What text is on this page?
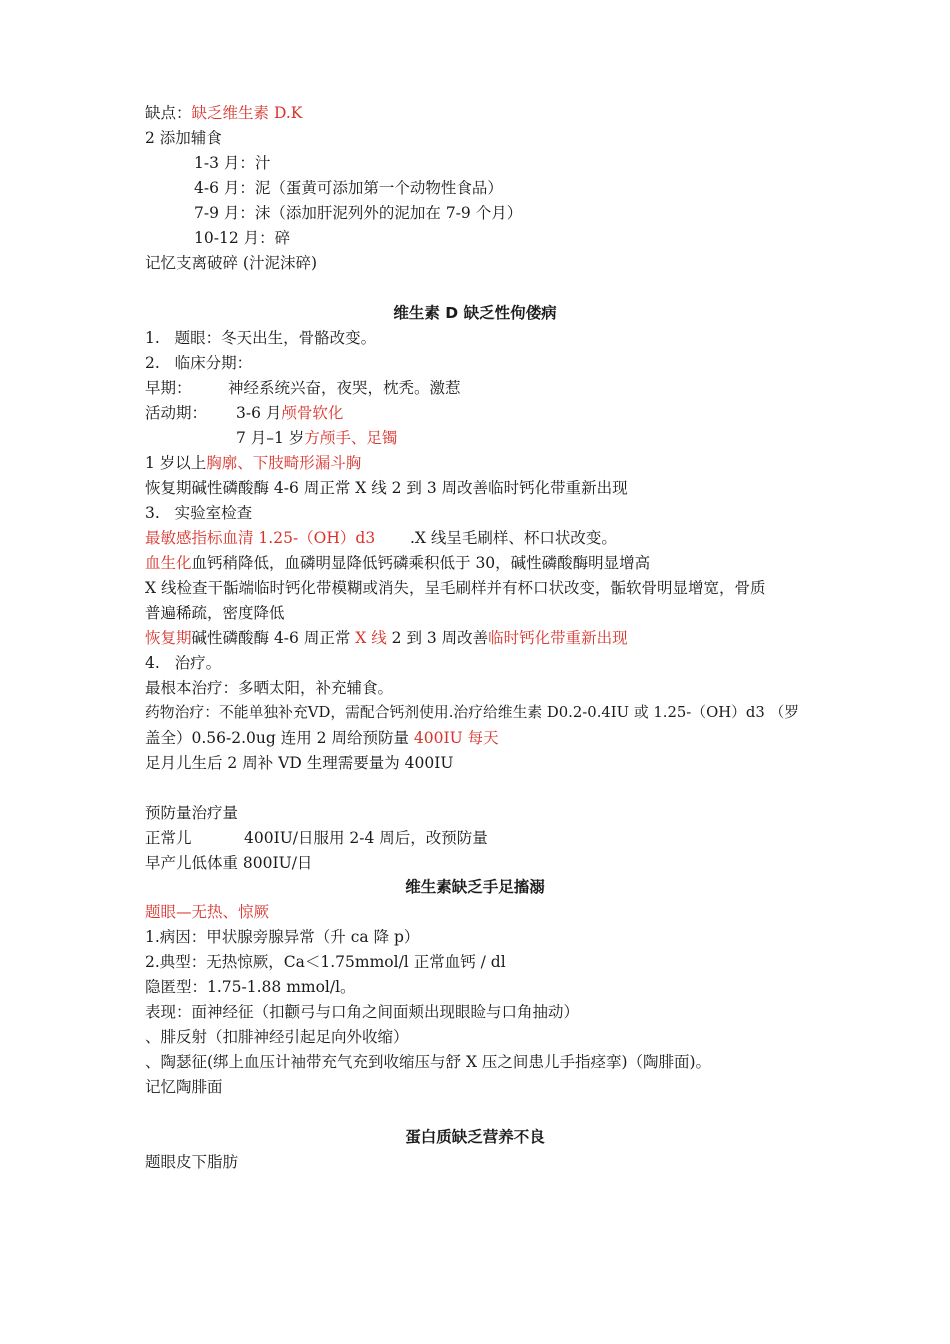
缺点：缺乏维生素 D.K
2 添加辅食
1-3 月：汁
4-6 月：泥（蛋黄可添加第一个动物性食品）
7-9 月：沫（添加肝泥列外的泥加在 7-9 个月）
10-12 月：碎
记忆支离破碎 (汁泥沫碎)
维生素 D 缺乏性佝偻病
1.   题眼：冬天出生，骨骼改变。
2.   临床分期：
早期： 神经系统兴奋，夜哭，枕秃。激惹
活动期： 3-6 月颅骨软化
7 月–1 岁方颅手、足镯
1 岁以上胸廓、下肢畸形漏斗胸
恢复期碱性磷酸酶 4-6 周正常 X 线 2 到 3 周改善临时钙化带重新出现
3.   实验室检查
最敏感指标血清 1.25-（OH）d3 .X 线呈毛刷样、杯口状改变。
血生化血钙稍降低，血磷明显降低钙磷乘积低于 30，碱性磷酸酶明显增高
X 线检查干骺端临时钙化带模糊或消失，呈毛刷样并有杯口状改变，骺软骨明显增宽，骨质
普遍稀疏，密度降低
恢复期碱性磷酸酶 4-6 周正常 X 线 2 到 3 周改善临时钙化带重新出现
4.   治疗。
最根本治疗：多晒太阳，补充辅食。
药物治疗：不能单独补充VD，需配合钙剂使用.治疗给维生素 D0.2-0.4IU 或 1.25-（OH）d3 （罗
盖全）0.56-2.0ug 连用 2 周给预防量 400IU 每天
足月儿生后 2 周补 VD 生理需要量为 400IU
预防量治疗量
正常儿	400IU/日服用 2-4 周后，改预防量
早产儿低体重 800IU/日
维生素缺乏手足搐溺
题眼—无热、惊厥
1.病因：甲状腺旁腺异常（升 ca 降 p）
2.典型：无热惊厥，Ca＜1.75mmol/l 正常血钙 / dl
隐匿型：1.75-1.88 mmol/l。
表现：面神经征（扣颧弓与口角之间面颊出现眼睑与口角抽动）
、腓反射（扣腓神经引起足向外收缩）
、陶瑟征(绑上血压计袖带充气充到收缩压与舒 X 压之间患儿手指痉挛)（陶腓面)。
记忆陶腓面
蛋白质缺乏营养不良
题眼皮下脂肪
